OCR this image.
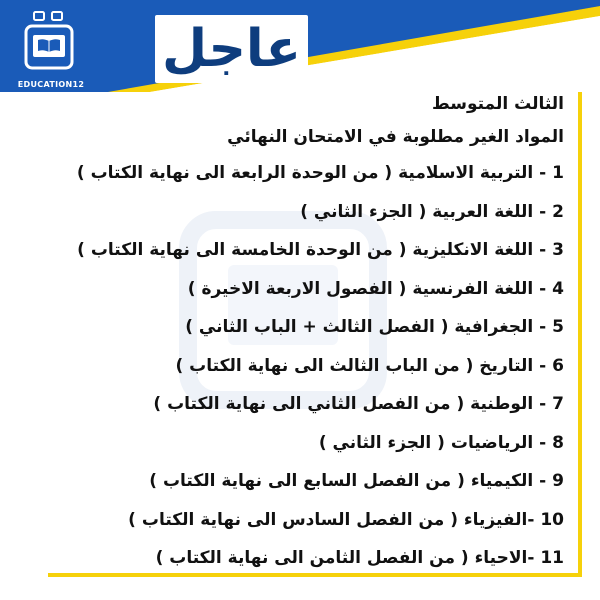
EDUCATION12
عاجل
الثالث المتوسط
المواد الغير مطلوبة في الامتحان النهائي
1 - التربية الاسلامية ( من الوحدة الرابعة الى نهاية الكتاب )
2 - اللغة العربية ( الجزء الثاني )
3 - اللغة الانكليزية ( من الوحدة الخامسة الى نهاية الكتاب )
4 - اللغة الفرنسية ( الفصول الاربعة الاخيرة )
5 - الجغرافية ( الفصل الثالث + الباب الثاني )
6 - التاريخ ( من الباب الثالث الى نهاية الكتاب )
7 - الوطنية ( من الفصل الثاني الى نهاية الكتاب )
8 - الرياضيات ( الجزء الثاني )
9 - الكيمياء ( من الفصل السابع الى نهاية الكتاب )
10 -الفيزياء ( من الفصل السادس الى نهاية الكتاب )
11 -الاحياء ( من الفصل الثامن الى نهاية الكتاب )
